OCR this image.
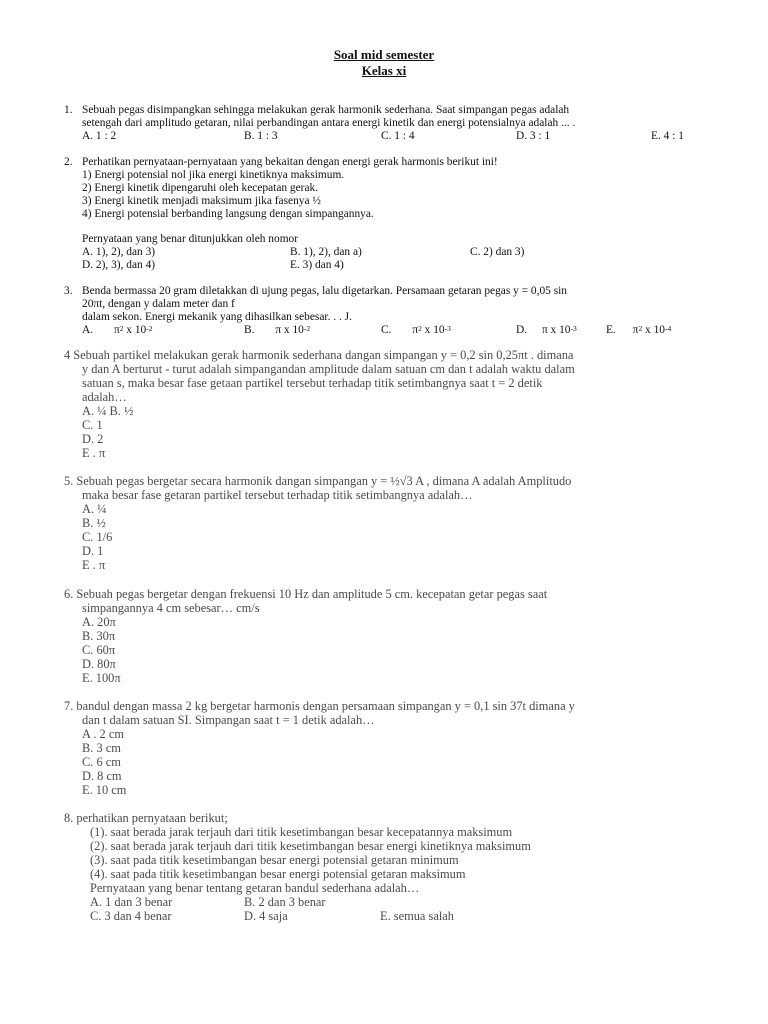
Soal mid semester
Kelas xi
1. Sebuah pegas disimpangkan sehingga melakukan gerak harmonik sederhana. Saat simpangan pegas adalah
setengah dari amplitudo getaran, nilai perbandingan antara energi kinetik dan energi potensialnya adalah ... .
A. 1 : 2	B. 1 : 3	C. 1 : 4	D. 3 : 1	E. 4 : 1
2. Perhatikan pernyataan-pernyataan yang bekaitan dengan energi gerak harmonis berikut ini!
1) Energi potensial nol jika energi kinetiknya maksimum.
2) Energi kinetik dipengaruhi oleh kecepatan gerak.
3) Energi kinetik menjadi maksimum jika fasenya ½
4) Energi potensial berbanding langsung dengan simpangannya.
Pernyataan yang benar ditunjukkan oleh nomor
A. 1), 2), dan 3)	B. 1), 2), dan a)	C. 2) dan 3)
D. 2), 3), dan 4)	E. 3) dan 4)
3. Benda bermassa 20 gram diletakkan di ujung pegas, lalu digetarkan. Persamaan getaran pegas y = 0,05 sin
20πt, dengan y dalam meter dan f
dalam sekon. Energi mekanik yang dihasilkan sebesar. . . J.
A. $\pi^2$ x $10^{-2}$	B. π x $10^{-2}$	C. $\pi^2$ x $10^{-3}$	D. π x $10^{-3}$	E. $\pi^2$ x $10^{-4}$
4 Sebuah partikel melakukan gerak harmonik sederhana dangan simpangan y = 0,2 sin 0,25πt . dimana
y dan A berturut - turut adalah simpangandan amplitude dalam satuan cm dan t adalah waktu dalam
satuan s, maka besar fase getaan partikel tersebut terhadap titik setimbangnya saat t = 2 detik
adalah…
A. ¼ B. ½
C. 1
D. 2
E . π
5. Sebuah pegas bergetar secara harmonik dangan simpangan y = ½√3 A , dimana A adalah Amplitudo
maka besar fase getaran partikel tersebut terhadap titik setimbangnya adalah…
A. ¼
B. ½
C. 1/6
D. 1
E . π
6. Sebuah pegas bergetar dengan frekuensi 10 Hz dan amplitude 5 cm. kecepatan getar pegas saat
simpangannya 4 cm sebesar… cm/s
A. 20π
B. 30π
C. 60π
D. 80π
E. 100π
7. bandul dengan massa 2 kg bergetar harmonis dengan persamaan simpangan y = 0,1 sin 37t dimana y
dan t dalam satuan SI. Simpangan saat t = 1 detik adalah…
A . 2 cm
B. 3 cm
C. 6 cm
D. 8 cm
E. 10 cm
8. perhatikan pernyataan berikut;
(1). saat berada jarak terjauh dari titik kesetimbangan besar kecepatannya maksimum
(2). saat berada jarak terjauh dari titik kesetimbangan besar energi kinetiknya maksimum
(3). saat pada titik kesetimbangan besar energi potensial getaran minimum
(4). saat pada titik kesetimbangan besar energi potensial getaran maksimum
Pernyataan yang benar tentang getaran bandul sederhana adalah…
A. 1 dan 3 benar	B. 2 dan 3 benar
C. 3 dan 4 benar	D. 4 saja	E. semua salah
